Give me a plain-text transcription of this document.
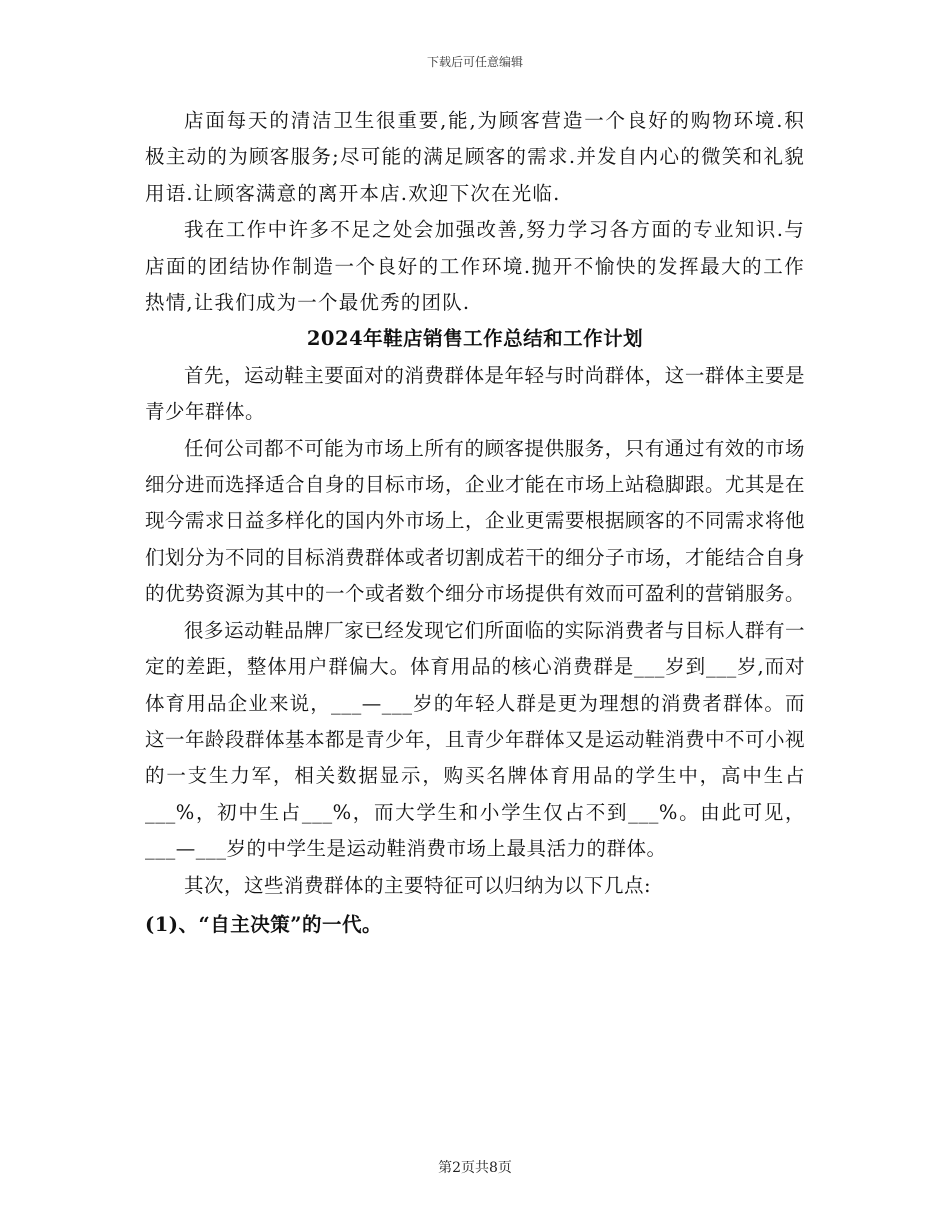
下载后可任意编辑

店面每天的清洁卫生很重要,能,为顾客营造一个良好的购物环境.积极主动的为顾客服务;尽可能的满足顾客的需求.并发自内心的微笑和礼貌用语.让顾客满意的离开本店.欢迎下次在光临.

我在工作中许多不足之处会加强改善,努力学习各方面的专业知识.与店面的团结协作制造一个良好的工作环境.抛开不愉快的发挥最大的工作热情,让我们成为一个最优秀的团队.

2024年鞋店销售工作总结和工作计划

首先，运动鞋主要面对的消费群体是年轻与时尚群体，这一群体主要是青少年群体。

任何公司都不可能为市场上所有的顾客提供服务，只有通过有效的市场细分进而选择适合自身的目标市场，企业才能在市场上站稳脚跟。尤其是在现今需求日益多样化的国内外市场上，企业更需要根据顾客的不同需求将他们划分为不同的目标消费群体或者切割成若干的细分子市场，才能结合自身的优势资源为其中的一个或者数个细分市场提供有效而可盈利的营销服务。

很多运动鞋品牌厂家已经发现它们所面临的实际消费者与目标人群有一定的差距，整体用户群偏大。体育用品的核心消费群是___岁到___岁,而对体育用品企业来说，___—___岁的年轻人群是更为理想的消费者群体。而这一年龄段群体基本都是青少年，且青少年群体又是运动鞋消费中不可小视的一支生力军，相关数据显示，购买名牌体育用品的学生中，高中生占___%，初中生占___%，而大学生和小学生仅占不到___%。由此可见，___—___岁的中学生是运动鞋消费市场上最具活力的群体。

其次，这些消费群体的主要特征可以归纳为以下几点:

(1)、“自主决策”的一代。

第2页共8页
